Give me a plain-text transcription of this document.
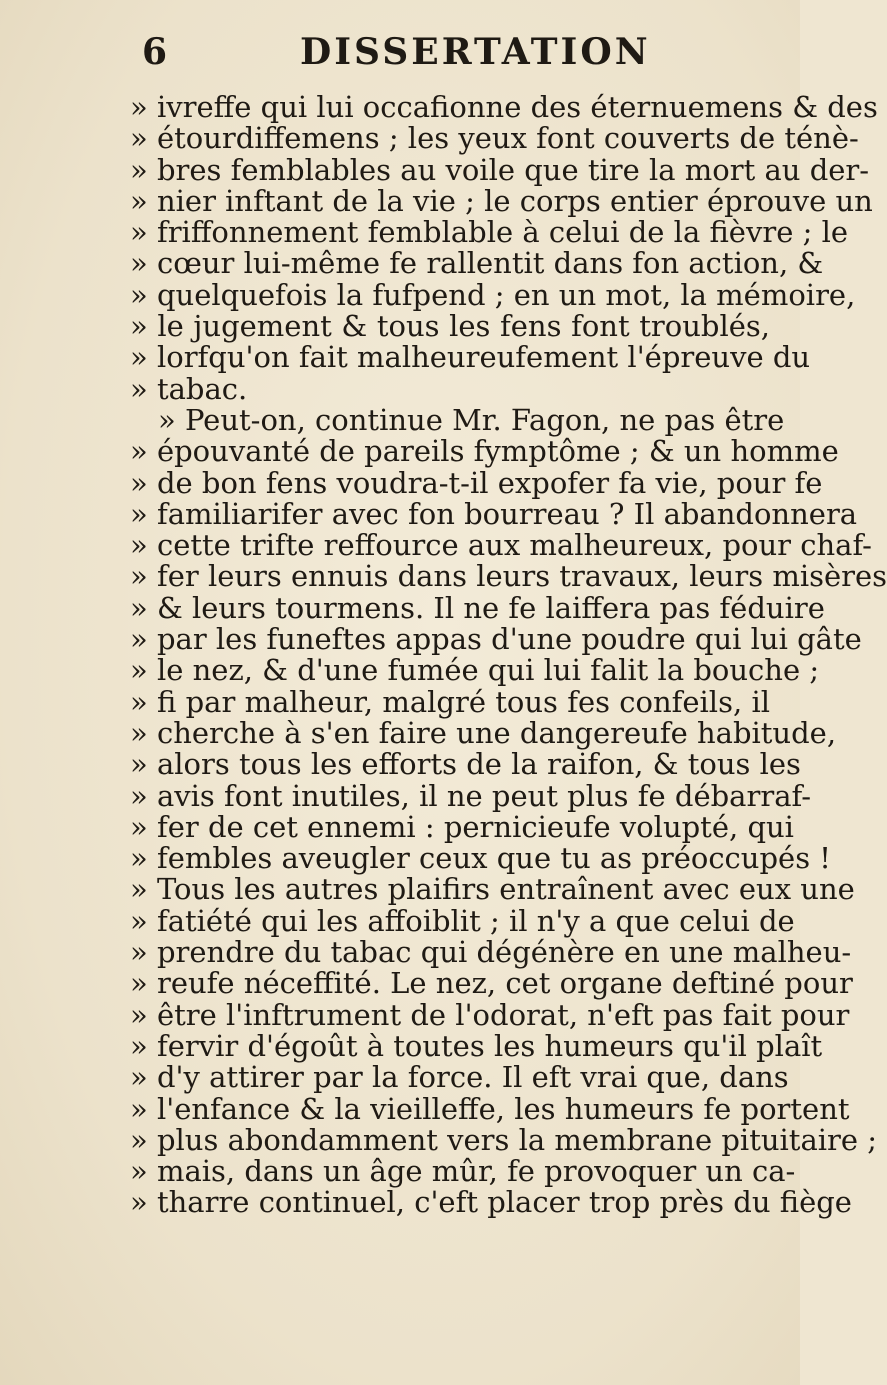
6	DISSERTATION
» ivreffe qui lui occafionne des éternuemens & des
» étourdiffemens ; les yeux font couverts de ténè-
» bres femblables au voile que tire la mort au der-
» nier inftant de la vie ; le corps entier éprouve un
» friffonnement femblable à celui de la fièvre ; le
» cœur lui-même fe rallentit dans fon action, &
» quelquefois la fufpend ; en un mot, la mémoire,
» le jugement & tous les fens font troublés,
» lorfqu'on fait malheureufement l'épreuve du
» tabac.
» Peut-on, continue Mr. Fagon, ne pas être
» épouvanté de pareils fymptôme ; & un homme
» de bon fens voudra-t-il expofer fa vie, pour fe
» familiarifer avec fon bourreau ? Il abandonnera
» cette trifte reffource aux malheureux, pour chaf-
» fer leurs ennuis dans leurs travaux, leurs misères
» & leurs tourmens. Il ne fe laiffera pas féduire
» par les funeftes appas d'une poudre qui lui gâte
» le nez, & d'une fumée qui lui falit la bouche ;
» fi par malheur, malgré tous fes confeils, il
» cherche à s'en faire une dangereufe habitude,
» alors tous les efforts de la raifon, & tous les
» avis font inutiles, il ne peut plus fe débarraf-
» fer de cet ennemi : pernicieufe volupté, qui
» fembles aveugler ceux que tu as préoccupés !
» Tous les autres plaifirs entraînent avec eux une
» fatiété qui les affoiblit ; il n'y a que celui de
» prendre du tabac qui dégénère en une malheu-
» reufe néceffité. Le nez, cet organe deftiné pour
» être l'inftrument de l'odorat, n'eft pas fait pour
» fervir d'égoût à toutes les humeurs qu'il plaît
» d'y attirer par la force. Il eft vrai que, dans
» l'enfance & la vieilleffe, les humeurs fe portent
» plus abondamment vers la membrane pituitaire ;
» mais, dans un âge mûr, fe provoquer un ca-
» tharre continuel, c'eft placer trop près du fiège
